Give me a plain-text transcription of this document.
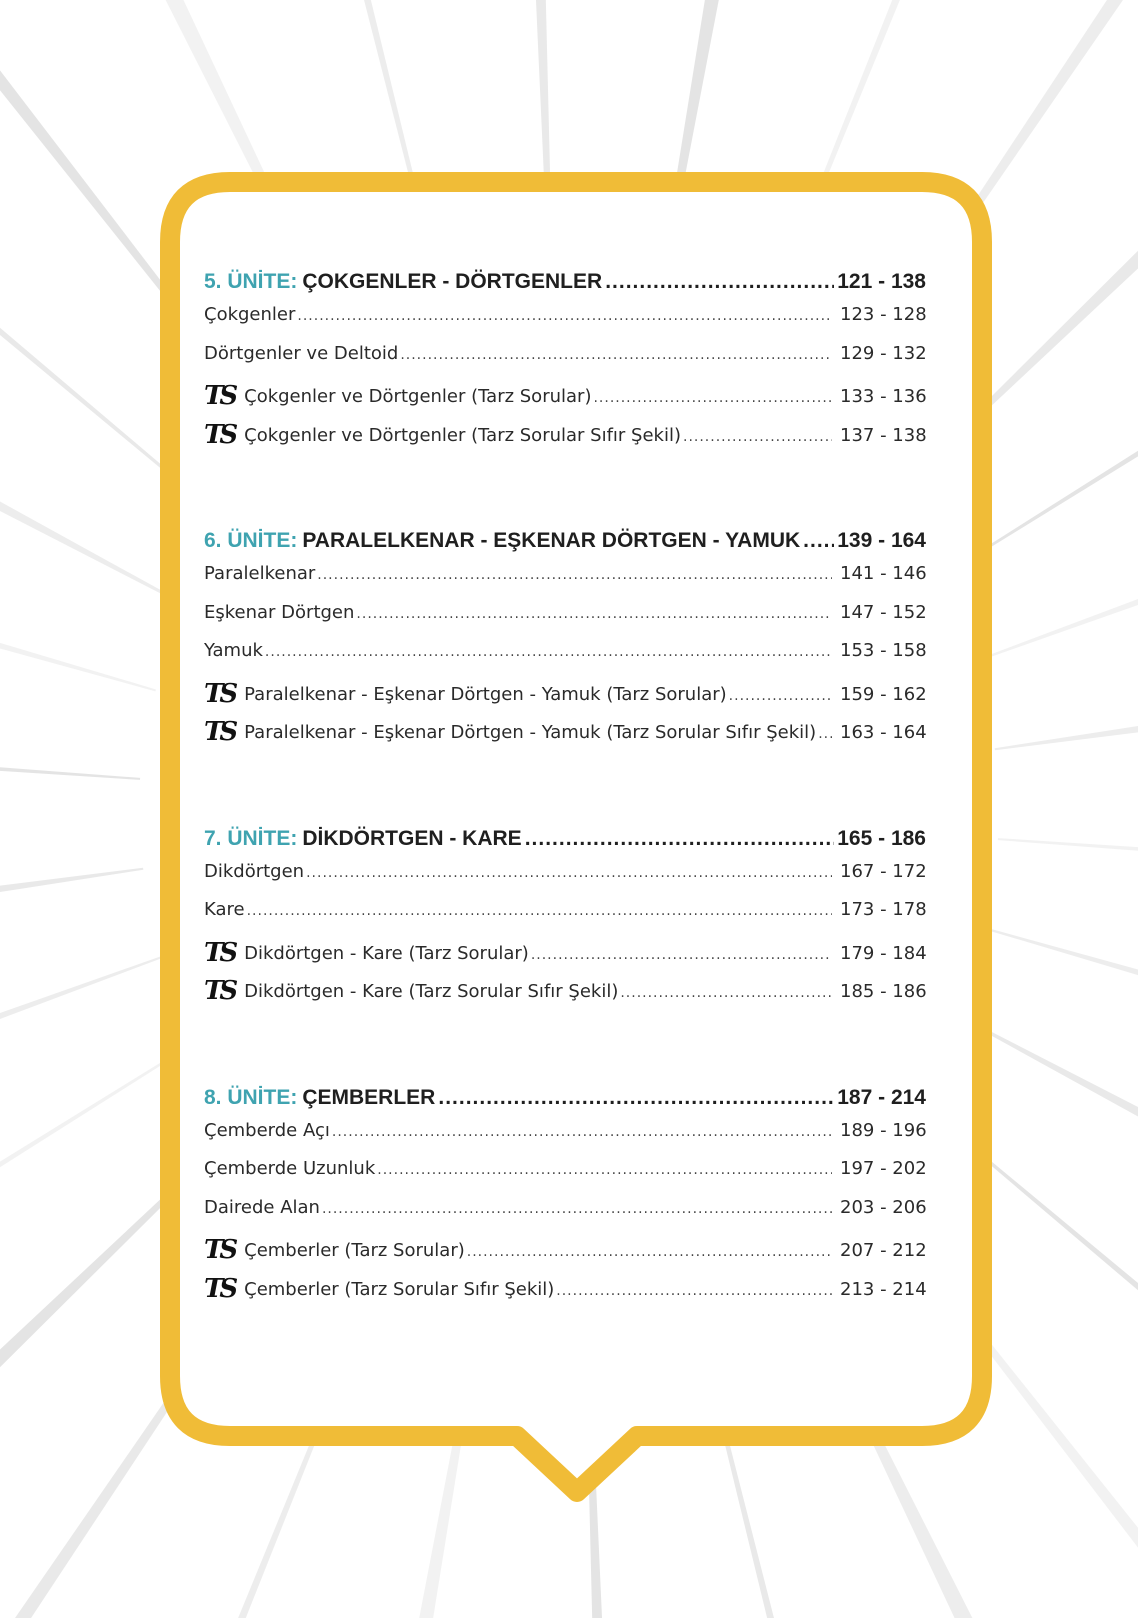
5. ÜNİTE: ÇOKGENLER - DÖRTGENLER .....	121 - 138
Çokgenler .....	123 - 128
Dörtgenler ve Deltoid .....	129 - 132
TS Çokgenler ve Dörtgenler (Tarz Sorular) .....	133 - 136
TS Çokgenler ve Dörtgenler (Tarz Sorular Sıfır Şekil) .....	137 - 138
6. ÜNİTE: PARALELKENAR - EŞKENAR DÖRTGEN - YAMUK ..... 139 - 164
Paralelkenar .....	141 - 146
Eşkenar Dörtgen .....	147 - 152
Yamuk .....	153 - 158
TS Paralelkenar - Eşkenar Dörtgen - Yamuk (Tarz Sorular) .....	159 - 162
TS Paralelkenar - Eşkenar Dörtgen - Yamuk (Tarz Sorular Sıfır Şekil) ..... 163 - 164
7. ÜNİTE: DİKDÖRTGEN - KARE .....	165 - 186
Dikdörtgen .....	167 - 172
Kare .....	173 - 178
TS Dikdörtgen - Kare (Tarz Sorular) .....	179 - 184
TS Dikdörtgen - Kare (Tarz Sorular Sıfır Şekil) .....	185 - 186
8. ÜNİTE: ÇEMBERLER .....	187 - 214
Çemberde Açı .....	189 - 196
Çemberde Uzunluk .....	197 - 202
Dairede Alan .....	203 - 206
TS Çemberler (Tarz Sorular) .....	207 - 212
TS Çemberler (Tarz Sorular Sıfır Şekil) .....	213 - 214
